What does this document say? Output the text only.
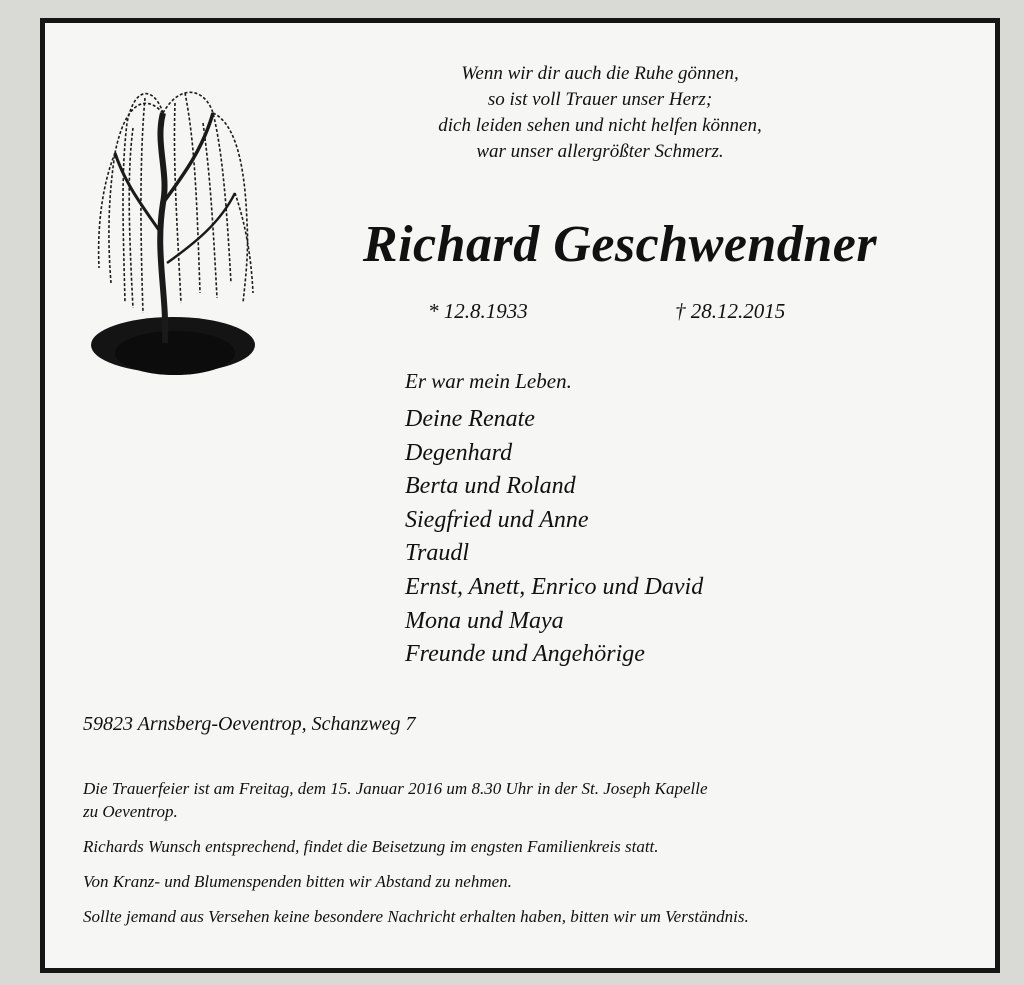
Wenn wir dir auch die Ruhe gönnen,
so ist voll Trauer unser Herz;
dich leiden sehen und nicht helfen können,
war unser allergrößter Schmerz.
Richard Geschwendner
* 12.8.1933	† 28.12.2015
Er war mein Leben.
Deine Renate
Degenhard
Berta und Roland
Siegfried und Anne
Traudl
Ernst, Anett, Enrico und David
Mona und Maya
Freunde und Angehörige
59823 Arnsberg-Oeventrop, Schanzweg 7

Die Trauerfeier ist am Freitag, dem 15. Januar 2016 um 8.30 Uhr in der St. Joseph Kapelle

zu Oeventrop.

Richards Wunsch entsprechend, findet die Beisetzung im engsten Familienkreis statt.

Von Kranz- und Blumenspenden bitten wir Abstand zu nehmen.

Sollte jemand aus Versehen keine besondere Nachricht erhalten haben, bitten wir um Verständnis.
